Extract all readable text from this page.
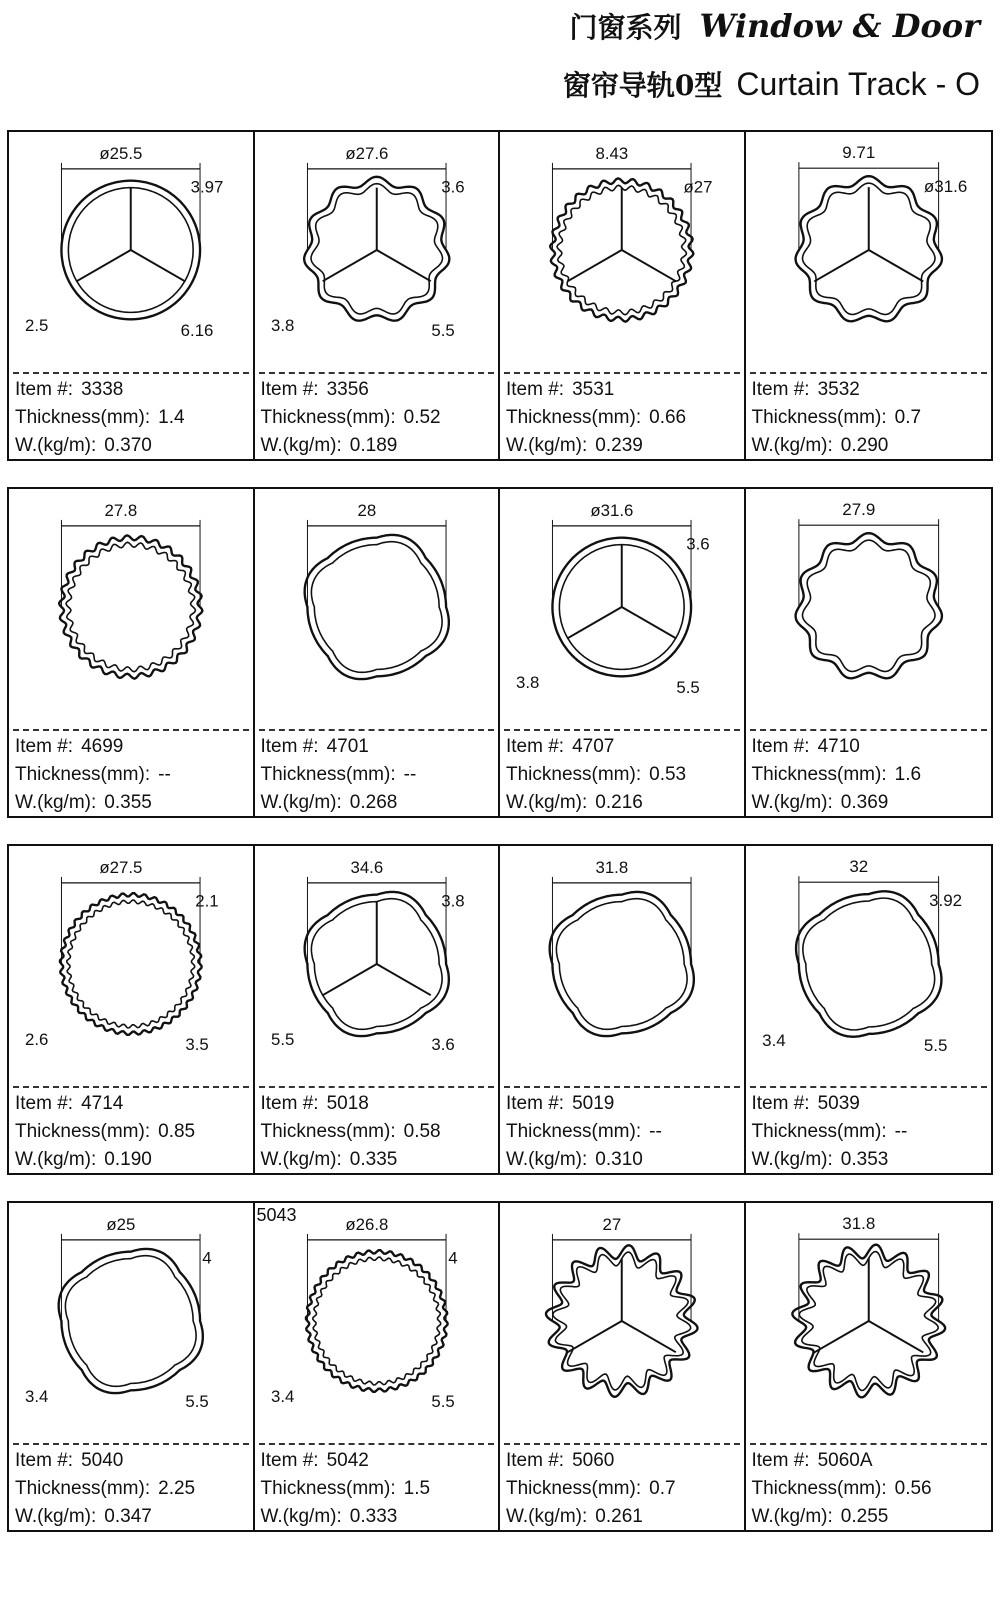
门窗系列 Window & Door
窗帘导轨0型 Curtain Track - O
ø25.5
3.97
2.5	6.16
Item #: 3338
Thickness(mm): 1.4
W.(kg/m): 0.370
ø27.6
3.6
3.8	5.5
Item #: 3356
Thickness(mm): 0.52
W.(kg/m): 0.189
8.43
ø27
Item #: 3531
Thickness(mm): 0.66
W.(kg/m): 0.239
9.71
ø31.6
Item #: 3532
Thickness(mm): 0.7
W.(kg/m): 0.290
27.8
Item #: 4699
Thickness(mm): --
W.(kg/m): 0.355
28
Item #: 4701
Thickness(mm): --
W.(kg/m): 0.268
ø31.6
3.6
3.8	5.5
Item #: 4707
Thickness(mm): 0.53
W.(kg/m): 0.216
27.9
Item #: 4710
Thickness(mm): 1.6
W.(kg/m): 0.369
ø27.5
2.1
2.6	3.5
Item #: 4714
Thickness(mm): 0.85
W.(kg/m): 0.190
34.6
3.8
5.5	3.6
Item #: 5018
Thickness(mm): 0.58
W.(kg/m): 0.335
31.8
Item #: 5019
Thickness(mm): --
W.(kg/m): 0.310
32
3.92
3.4	5.5
Item #: 5039
Thickness(mm): --
W.(kg/m): 0.353
ø25
4
3.4	5.5
Item #: 5040
Thickness(mm): 2.25
W.(kg/m): 0.347
ø26.8
4
3.4	5.5
5043
Item #: 5042
Thickness(mm): 1.5
W.(kg/m): 0.333
27
Item #: 5060
Thickness(mm): 0.7
W.(kg/m): 0.261
31.8
Item #: 5060A
Thickness(mm): 0.56
W.(kg/m): 0.255
